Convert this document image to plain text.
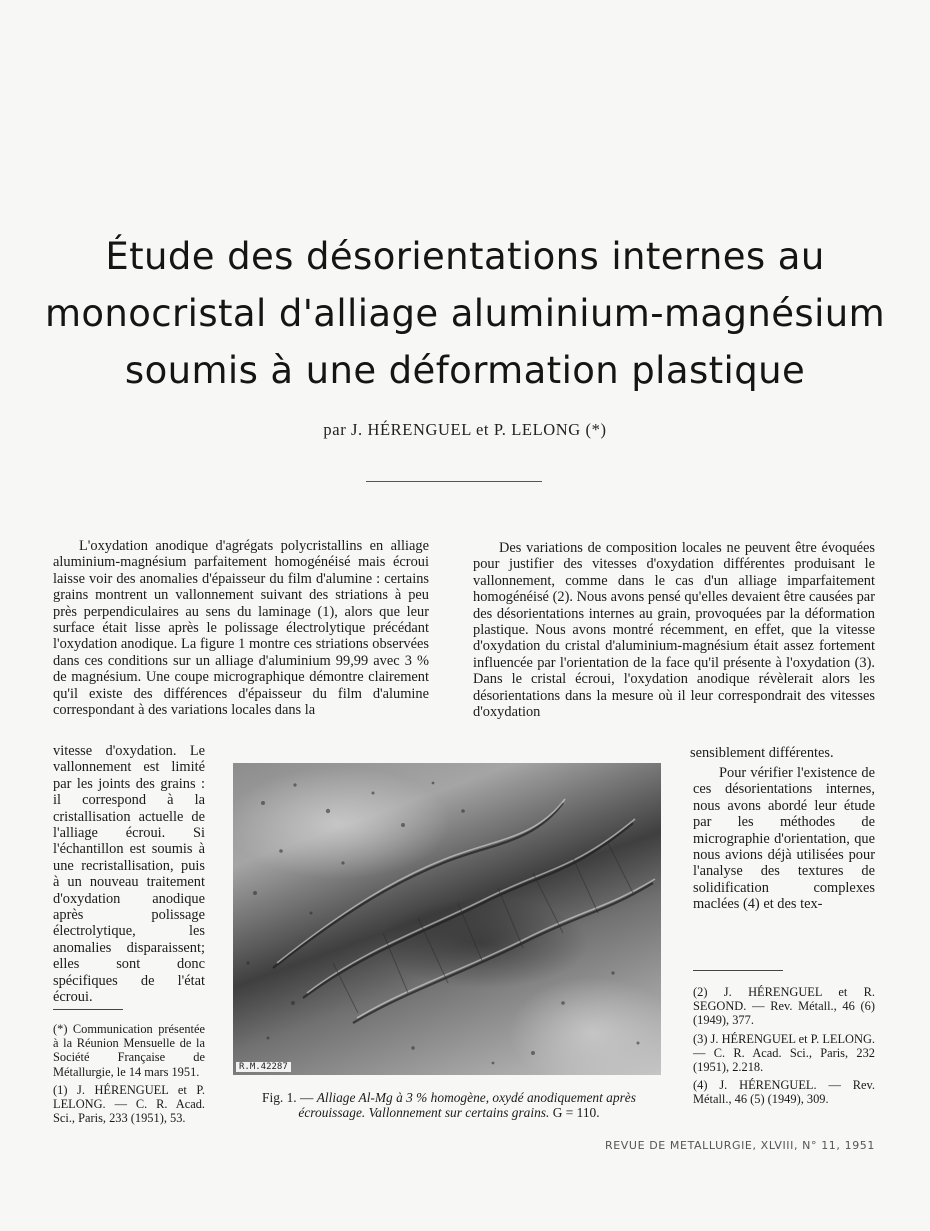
Étude des désorientations internes au
monocristal d'alliage aluminium-magnésium
soumis à une déformation plastique
par J. HÉRENGUEL et P. LELONG (*)

L'oxydation anodique d'agrégats polycristallins en alliage aluminium-magnésium parfaitement homogénéisé mais écroui laisse voir des anomalies d'épaisseur du film d'alumine : certains grains montrent un vallonnement suivant des striations à peu près perpendiculaires au sens du laminage (1), alors que leur surface était lisse après le polissage électrolytique précédant l'oxydation anodique. La figure 1 montre ces striations observées dans ces conditions sur un alliage d'aluminium 99,99 avec 3 % de magnésium. Une coupe micrographique démontre clairement qu'il existe des différences d'épaisseur du film d'alumine correspondant à des variations locales dans la

vitesse d'oxydation. Le vallonnement est limité par les joints des grains : il correspond à la cristallisation actuelle de l'alliage écroui. Si l'échantillon est soumis à une recristallisation, puis à un nouveau traitement d'oxydation anodique après polissage électrolytique, les anomalies disparaissent; elles sont donc spécifiques de l'état écroui.

(*) Communication présentée à la Réunion Mensuelle de la Société Française de Métallurgie, le 14 mars 1951.

(1) J. HÉRENGUEL et P. LELONG. — C. R. Acad. Sci., Paris, 233 (1951), 53.

Des variations de composition locales ne peuvent être évoquées pour justifier des vitesses d'oxydation différentes produisant le vallonnement, comme dans le cas d'un alliage imparfaitement homogénéisé (2). Nous avons pensé qu'elles devaient être causées par des désorientations internes au grain, provoquées par la déformation plastique. Nous avons montré récemment, en effet, que la vitesse d'oxydation du cristal d'aluminium-magnésium était assez fortement influencée par l'orientation de la face qu'il présente à l'oxydation (3). Dans le cristal écroui, l'oxydation anodique révèlerait alors les désorientations dans la mesure où il leur correspondrait des vitesses d'oxydation

sensiblement différentes.

Pour vérifier l'existence de ces désorientations internes, nous avons abordé leur étude par les méthodes de micrographie d'orientation, que nous avions déjà utilisées pour l'analyse des textures de solidification complexes maclées (4) et des tex-

(2) J. HÉRENGUEL et R. SEGOND. — Rev. Métall., 46 (6) (1949), 377.

(3) J. HÉRENGUEL et P. LELONG. — C. R. Acad. Sci., Paris, 232 (1951), 2.218.

(4) J. HÉRENGUEL. — Rev. Métall., 46 (5) (1949), 309.

R.M.42287
Fig. 1. — Alliage Al-Mg à 3 % homogène, oxydé anodiquement après écrouissage. Vallonnement sur certains grains. G = 110.
REVUE DE METALLURGIE, XLVIII, N° 11, 1951
